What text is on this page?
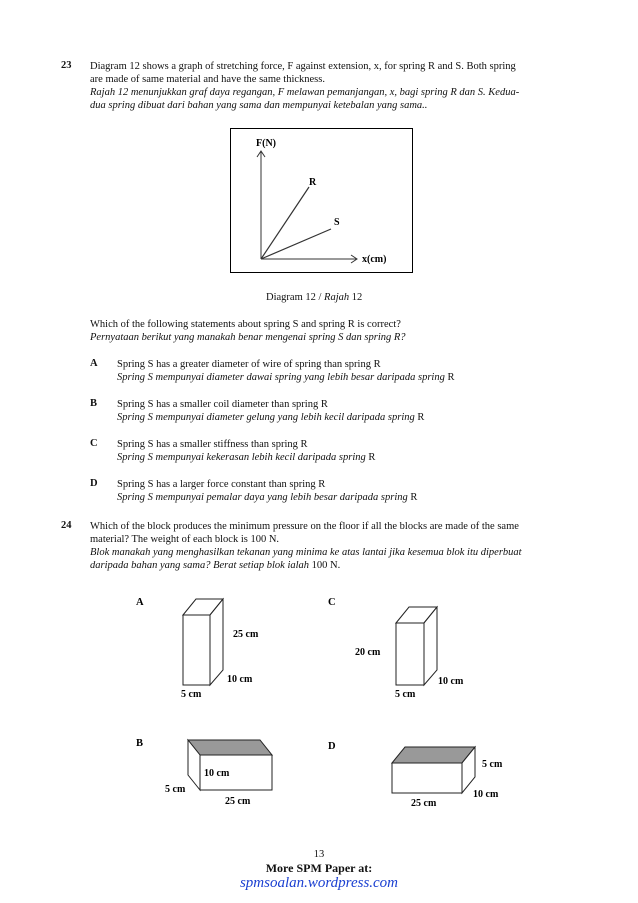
23 Diagram 12 shows a graph of stretching force, F against extension, x, for spring R and S. Both spring
are made of same material and have the same thickness.
Rajah 12 menunjukkan graf daya regangan, F melawan pemanjangan, x, bagi spring R dan S. Kedua-
dua spring dibuat dari bahan yang sama dan mempunyai ketebalan yang sama..
F(N)
x(cm)
R
S
Diagram 12 / Rajah 12
Which of the following statements about spring S and spring R is correct?
Pernyataan berikut yang manakah benar mengenai spring S dan spring R?
A Spring S has a greater diameter of wire of spring than spring R
Spring S mempunyai diameter dawai spring yang lebih besar daripada spring R
B Spring S has a smaller coil diameter than spring R
Spring S mempunyai diameter gelung yang lebih kecil daripada spring R
C Spring S has a smaller stiffness than spring R
Spring S mempunyai kekerasan lebih kecil daripada spring R
D Spring S has a larger force constant than spring R
Spring S mempunyai pemalar daya yang lebih besar daripada spring R
24 Which of the block produces the minimum pressure on the floor if all the blocks are made of the same
material? The weight of each block is 100 N.
Blok manakah yang menghasilkan tekanan yang minima ke atas lantai jika kesemua blok itu diperbuat
daripada bahan yang sama? Berat setiap blok ialah 100 N.
A
25 cm
10 cm
5 cm
C
20 cm
10 cm
5 cm
B
10 cm
5 cm
25 cm
D
5 cm
10 cm
25 cm
13
More SPM Paper at:
spmsoalan.wordpress.com
